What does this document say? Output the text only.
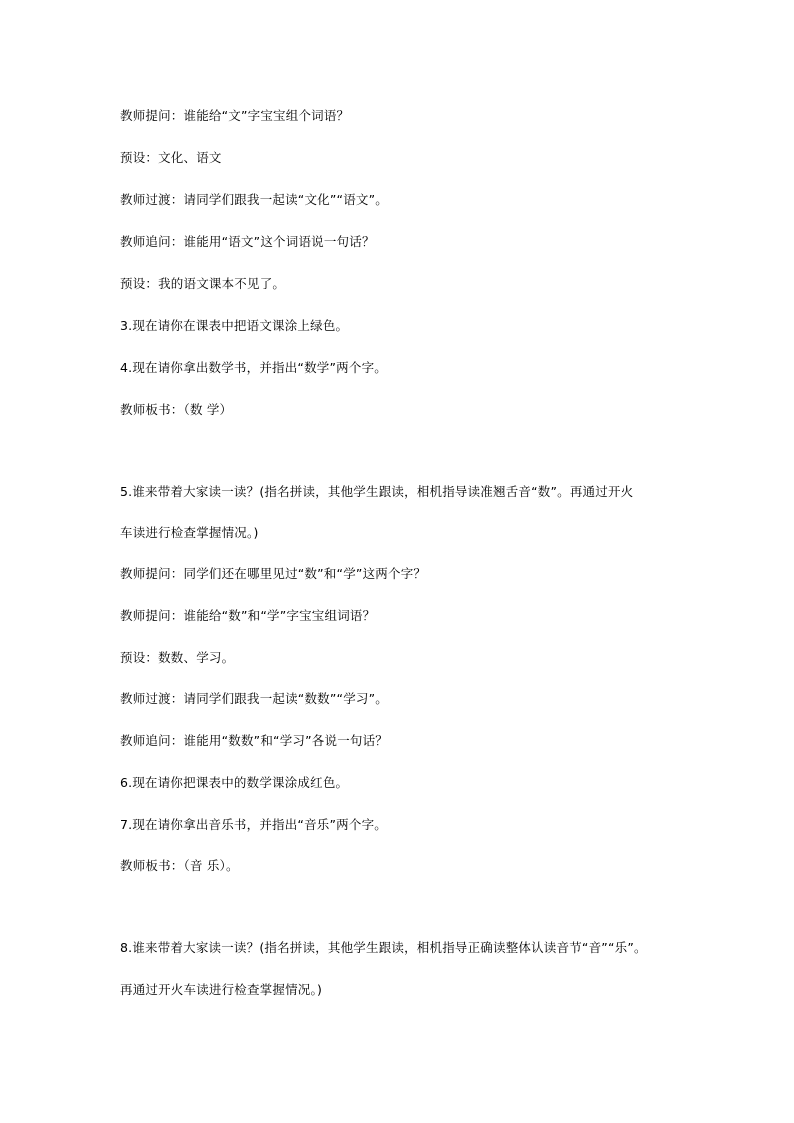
教师提问：谁能给“文”字宝宝组个词语？
预设：文化、语文
教师过渡：请同学们跟我一起读“文化”“语文”。
教师追问：谁能用“语文”这个词语说一句话？
预设：我的语文课本不见了。
3.现在请你在课表中把语文课涂上绿色。
4.现在请你拿出数学书，并指出“数学”两个字。
教师板书：（数 学）
5.谁来带着大家读一读？(指名拼读，其他学生跟读，相机指导读准翘舌音“数”。再通过开火
车读进行检查掌握情况。)
教师提问：同学们还在哪里见过“数”和“学”这两个字？
教师提问：谁能给“数”和“学”字宝宝组词语？
预设：数数、学习。
教师过渡：请同学们跟我一起读“数数”“学习”。
教师追问：谁能用“数数”和“学习”各说一句话？
6.现在请你把课表中的数学课涂成红色。
7.现在请你拿出音乐书，并指出“音乐”两个字。
教师板书：（音 乐）。
8.谁来带着大家读一读？(指名拼读，其他学生跟读，相机指导正确读整体认读音节“音”“乐”。
再通过开火车读进行检查掌握情况。)
